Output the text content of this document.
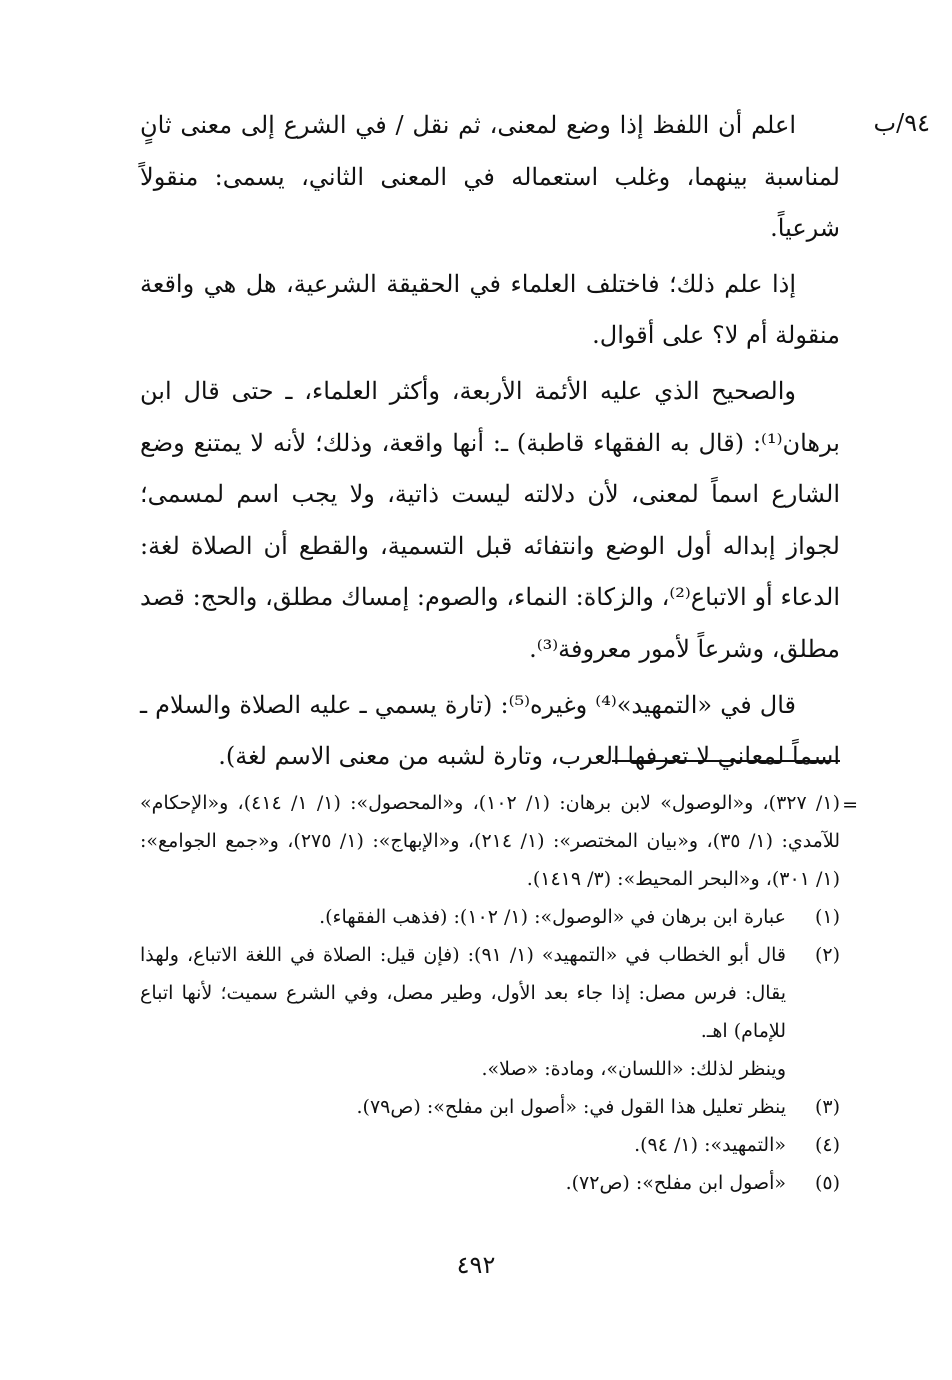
٩٤/ب

اعلم أن اللفظ إذا وضع لمعنى، ثم نقل / في الشرع إلى معنى ثانٍ لمناسبة بينهما، وغلب استعماله في المعنى الثاني، يسمى: منقولاً شرعياً.

إذا علم ذلك؛ فاختلف العلماء في الحقيقة الشرعية، هل هي واقعة منقولة أم لا؟ على أقوال.

والصحيح الذي عليه الأئمة الأربعة، وأكثر العلماء، ـ حتى قال ابن برهان⁽¹⁾: (قال به الفقهاء قاطبة) ـ: أنها واقعة، وذلك؛ لأنه لا يمتنع وضع الشارع اسماً لمعنى، لأن دلالته ليست ذاتية، ولا يجب اسم لمسمى؛ لجواز إبداله أول الوضع وانتفائه قبل التسمية، والقطع أن الصلاة لغة: الدعاء أو الاتباع⁽²⁾، والزكاة: النماء، والصوم: إمساك مطلق، والحج: قصد مطلق، وشرعاً لأمور معروفة⁽³⁾.

قال في «التمهيد»⁽⁴⁾ وغيره⁽⁵⁾: (تارة يسمي ـ عليه الصلاة والسلام ـ اسماً لمعاني لا تعرفها العرب، وتارة لشبه من معنى الاسم لغة).

=
(١/ ٣٢٧)، و«الوصول» لابن برهان: (١/ ١٠٢)، و«المحصول»: (١/ ١/ ٤١٤)، و«الإحكام» للآمدي: (١/ ٣٥)، و«بيان المختصر»: (١/ ٢١٤)، و«الإبهاج»: (١/ ٢٧٥)، و«جمع الجوامع»: (١/ ٣٠١)، و«البحر المحيط»: (٣/ ١٤١٩).
(١)
عبارة ابن برهان في «الوصول»: (١/ ١٠٢): (فذهب الفقهاء).
(٢)
قال أبو الخطاب في «التمهيد» (١/ ٩١): (فإن قيل: الصلاة في اللغة الاتباع، ولهذا يقال: فرس مصل: إذا جاء بعد الأول، وطير مصل، وفي الشرع سميت؛ لأنها اتباع للإمام) اهـ.
وينظر لذلك: «اللسان»، ومادة: «صلا».
(٣)
ينظر تعليل هذا القول في: «أصول ابن مفلح»: (ص٧٩).
(٤)
«التمهيد»: (١/ ٩٤).
(٥)
«أصول ابن مفلح»: (ص٧٢).
٤٩٢
